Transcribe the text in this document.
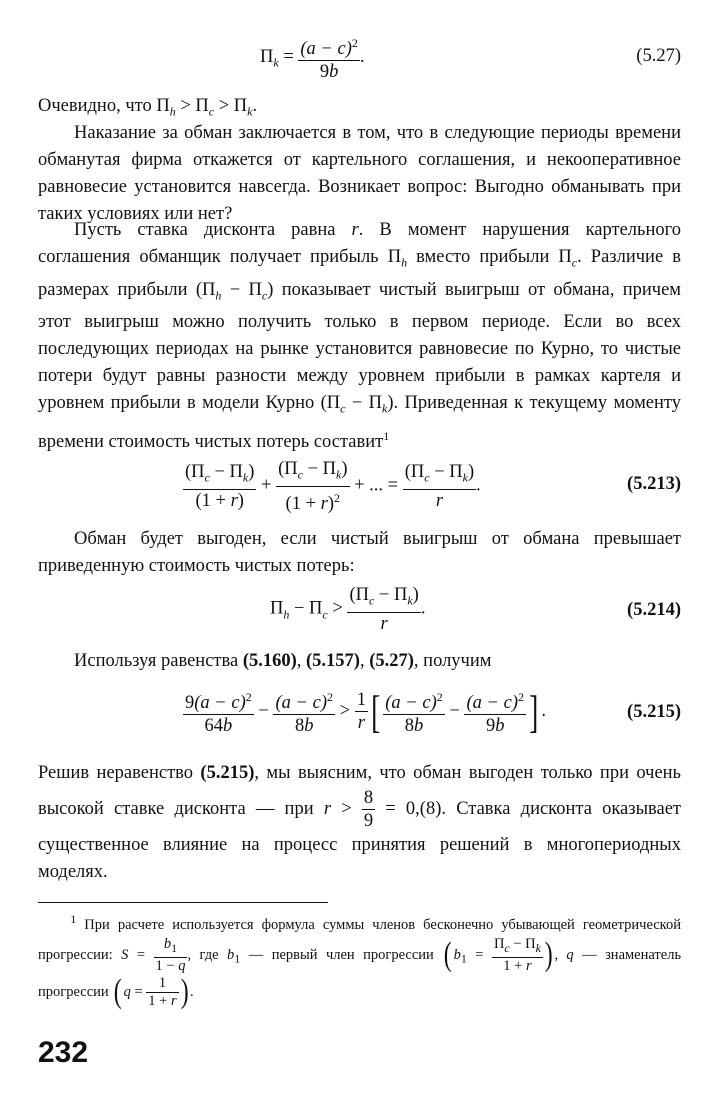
$П_k = \frac{(a - c)^2}{9b}$ .	(5.27)

Очевидно, что $П_h > П_c > П_k$.

Наказание за обман заключается в том, что в следующие периоды времени обманутая фирма откажется от картельного соглашения, и некооперативное равновесие установится навсегда. Возникает вопрос: Выгодно обманывать при таких условиях или нет?

Пусть ставка дисконта равна r. В момент нарушения картельного соглашения обманщик получает прибыль $П_h$ вместо прибыли $П_c$. Различие в размерах прибыли $(П_h - П_c)$ показывает чистый выигрыш от обмана, причем этот выигрыш можно получить только в первом периоде. Если во всех последующих периодах на рынке установится равновесие по Курно, то чистые потери будут равны разности между уровнем прибыли в рамках картеля и уровнем прибыли в модели Курно $(П_c - П_k)$. Приведенная к текущему моменту времени стоимость чистых потерь составит$^1$

$\frac{(П_c - П_k)}{(1 + r)} + \frac{(П_c - П_k)}{(1 + r)^2}$ + ... = $\frac{(П_c - П_k)}{r}$ .	(5.213)

Обман будет выгоден, если чистый выигрыш от обмана превышает приведенную стоимость чистых потерь:

$П_h - П_c > \frac{(П_c - П_k)}{r}$ .	(5.214)

Используя равенства (5.160), (5.157), (5.27), получим

$\frac{9(a - c)^2}{64b} - \frac{(a - c)^2}{8b} > \frac{1}{r}$ [ $\frac{(a - c)^2}{8b} - \frac{(a - c)^2}{9b}$ ] .	(5.215)

Решив неравенство (5.215), мы выясним, что обман выгоден только при очень высокой ставке дисконта — при $r > \frac{8}{9} = 0,(8)$. Ставка дисконта оказывает существенное влияние на процесс принятия решений в многопериодных моделях.

$^1$ При расчете используется формула суммы членов бесконечно убывающей геометрической прогрессии: $S = \frac{b_1}{1 - q}$ , где $b_1$ — первый член прогрессии ( $b_1 = \frac{П_c - П_k}{1 + r}$ ) , q — знаменатель прогрессии ( $q = \frac{1}{1 + r}$ ) .

232
